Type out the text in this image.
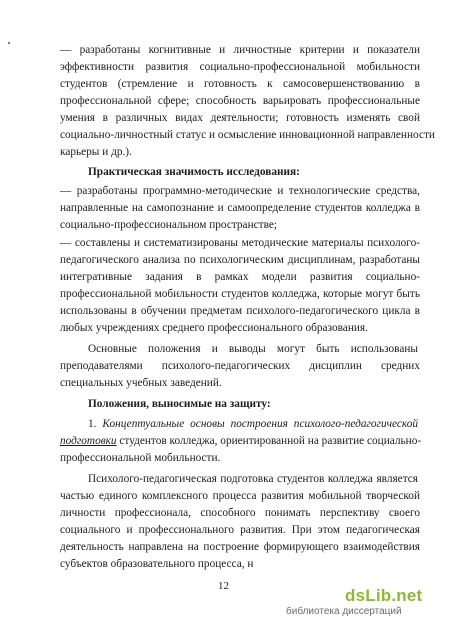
— разработаны когнитивные и личностные критерии и показатели
эффективности развития социально-профессиональной мобильности
студентов (стремление и готовность к самосовершенствованию в
профессиональной сфере; способность варьировать профессиональные
умения в различных видах деятельности; готовность изменять свой
социально-личностный статус и осмысление инновационной направленности
карьеры и др.).
Практическая значимость исследования:
— разработаны программно-методические и технологические средства,
направленные на самопознание и самоопределение студентов колледжа в
социально-профессиональном пространстве;
— составлены и систематизированы методические материалы психолого-
педагогического анализа по психологическим дисциплинам, разработаны
интегративные задания в рамках модели развития социально-
профессиональной мобильности студентов колледжа, которые могут быть
использованы в обучении предметам психолого-педагогического цикла в
любых учреждениях среднего профессионального образования.
Основные положения и выводы могут быть использованы
преподавателями психолого-педагогических дисциплин средних
специальных учебных заведений.
Положения, выносимые на защиту:
1. Концептуальные основы построения психолого-педагогической
подготовки студентов колледжа, ориентированной на развитие социально-
профессиональной мобильности.
Психолого-педагогическая подготовка студентов колледжа является
частью единого комплексного процесса развития мобильной творческой
личности профессионала, способного понимать перспективу своего
социального и профессионального развития. При этом педагогическая
деятельность направлена на построение формирующего взаимодействия
субъектов образовательного процесса, н
12	dsLib.net
библиотека диссертаций
